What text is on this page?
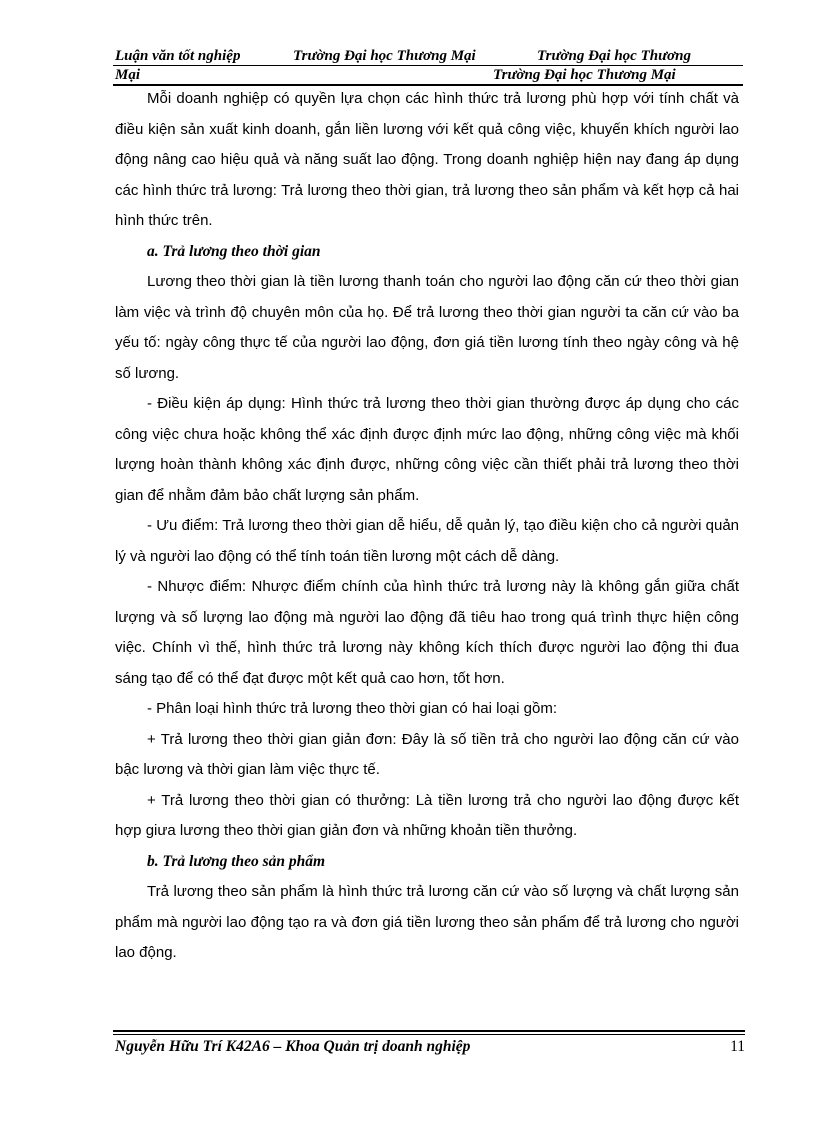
Luận văn tốt nghiệp	Trường Đại học Thương Mại	Trường Đại học Thương
Mại	Trường Đại học Thương Mại

Mỗi doanh nghiệp có quyền lựa chọn các hình thức trả lương phù hợp với tính chất và điều kiện sản xuất kinh doanh, gắn liền lương với kết quả công việc, khuyến khích người lao động nâng cao hiệu quả và năng suất lao động. Trong doanh nghiệp hiện nay đang áp dụng các hình thức trả lương: Trả lương theo thời gian, trả lương theo sản phẩm và kết hợp cả hai hình thức trên.

a. Trả lương theo thời gian

Lương theo thời gian là tiền lương thanh toán cho người lao động căn cứ theo thời gian làm việc và trình độ chuyên môn của họ. Để trả lương theo thời gian người ta căn cứ vào ba yếu tố: ngày công thực tế của người lao động, đơn giá tiền lương tính theo ngày công và hệ số lương.

- Điều kiện áp dụng: Hình thức trả lương theo thời gian thường được áp dụng cho các công việc chưa hoặc không thể xác định được định mức lao động, những công việc mà khối lượng hoàn thành không xác định được, những công việc cần thiết phải trả lương theo thời gian để nhằm đảm bảo chất lượng sản phẩm.

- Ưu điểm: Trả lương theo thời gian dễ hiểu, dễ quản lý, tạo điều kiện cho cả người quản lý và người lao động có thể tính toán tiền lương một cách dễ dàng.

- Nhược điểm: Nhược điểm chính của hình thức trả lương này là không gắn giữa chất lượng và số lượng lao động mà người lao động đã tiêu hao trong quá trình thực hiện công việc. Chính vì thế, hình thức trả lương này không kích thích được người lao động thi đua sáng tạo để có thể đạt được một kết quả cao hơn, tốt hơn.

- Phân loại hình thức trả lương theo thời gian có hai loại gồm:

+ Trả lương theo thời gian giản đơn: Đây là số tiền trả cho người lao động căn cứ vào bậc lương và thời gian làm việc thực tế.

+ Trả lương theo thời gian có thưởng: Là tiền lương trả cho người lao động được kết hợp giưa lương theo thời gian giản đơn và những khoản tiền thưởng.

b. Trả lương theo sản phẩm

Trả lương theo sản phẩm là hình thức trả lương căn cứ vào số lượng và chất lượng sản phẩm mà người lao động tạo ra và đơn giá tiền lương theo sản phẩm để trả lương cho người lao động.

Nguyễn Hữu Trí K42A6 – Khoa Quản trị doanh nghiệp	11
